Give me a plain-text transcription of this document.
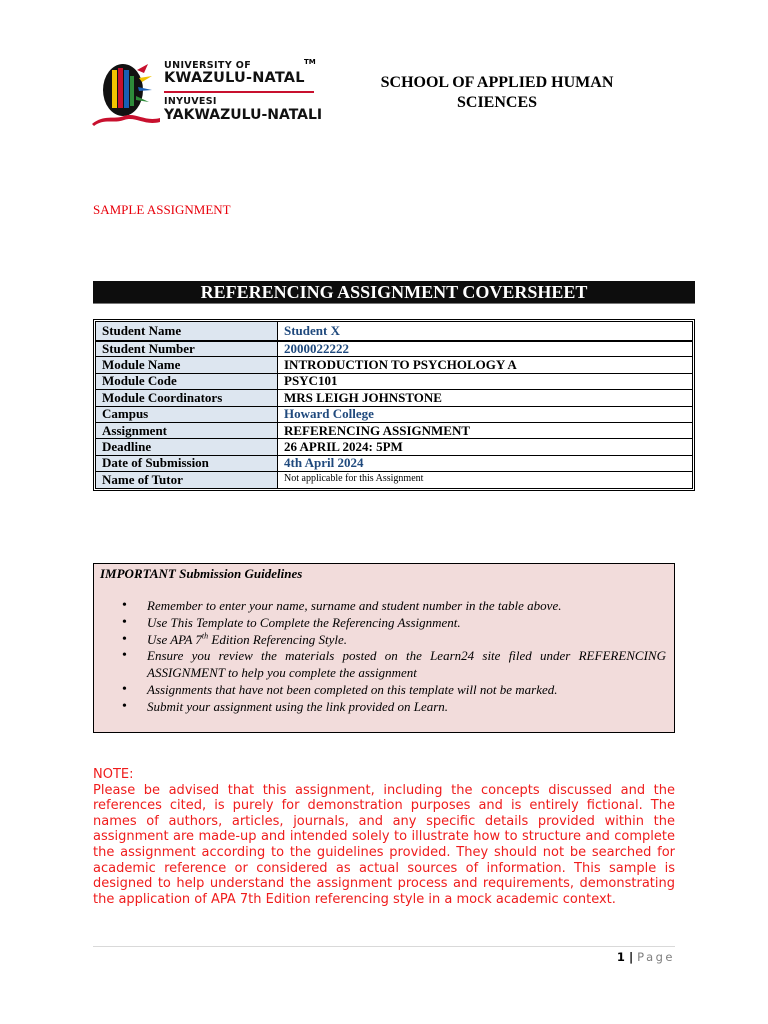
UNIVERSITY OF
KWAZULU-NATAL
INYUVESI
YAKWAZULU-NATALI
TM
SCHOOL OF APPLIED HUMAN SCIENCES
SAMPLE ASSIGNMENT
REFERENCING ASSIGNMENT COVERSHEET
Student Name	Student X
Student Number	2000022222
Module Name	INTRODUCTION TO PSYCHOLOGY A
Module Code	PSYC101
Module Coordinators	MRS LEIGH JOHNSTONE
Campus	Howard College
Assignment	REFERENCING ASSIGNMENT
Deadline	26 APRIL 2024: 5PM
Date of Submission	4th April 2024
Name of Tutor	Not applicable for this Assignment
IMPORTANT Submission Guidelines
• Remember to enter your name, surname and student number in the table above.
• Use This Template to Complete the Referencing Assignment.
• Use APA 7th Edition Referencing Style.
• Ensure you review the materials posted on the Learn24 site filed under REFERENCING ASSIGNMENT to help you complete the assignment
• Assignments that have not been completed on this template will not be marked.
• Submit your assignment using the link provided on Learn.
NOTE:
Please be advised that this assignment, including the concepts discussed and the references cited, is purely for demonstration purposes and is entirely fictional. The names of authors, articles, journals, and any specific details provided within the assignment are made-up and intended solely to illustrate how to structure and complete the assignment according to the guidelines provided. They should not be searched for academic reference or considered as actual sources of information. This sample is designed to help understand the assignment process and requirements, demonstrating the application of APA 7th Edition referencing style in a mock academic context.
1 | Page
